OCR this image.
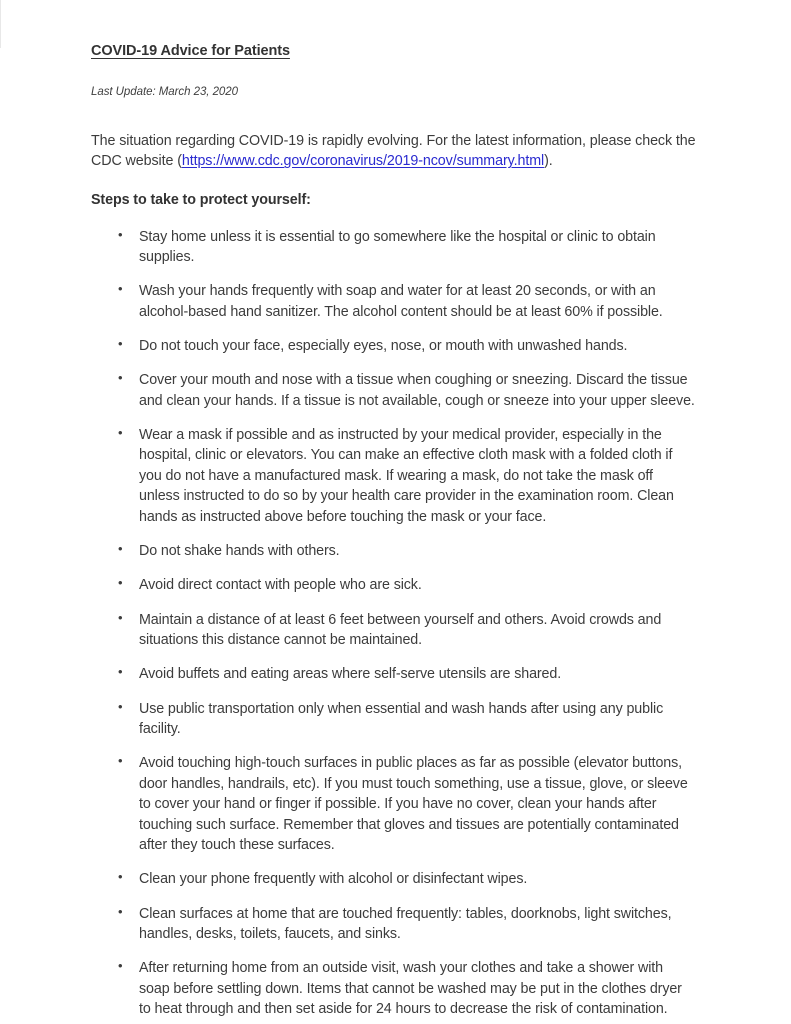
COVID-19 Advice for Patients

Last Update: March 23, 2020

The situation regarding COVID-19 is rapidly evolving. For the latest information, please check the CDC website (https://www.cdc.gov/coronavirus/2019-ncov/summary.html).

Steps to take to protect yourself:

• Stay home unless it is essential to go somewhere like the hospital or clinic to obtain supplies.
• Wash your hands frequently with soap and water for at least 20 seconds, or with an alcohol-based hand sanitizer. The alcohol content should be at least 60% if possible.
• Do not touch your face, especially eyes, nose, or mouth with unwashed hands.
• Cover your mouth and nose with a tissue when coughing or sneezing. Discard the tissue and clean your hands. If a tissue is not available, cough or sneeze into your upper sleeve.
• Wear a mask if possible and as instructed by your medical provider, especially in the hospital, clinic or elevators. You can make an effective cloth mask with a folded cloth if you do not have a manufactured mask. If wearing a mask, do not take the mask off unless instructed to do so by your health care provider in the examination room. Clean hands as instructed above before touching the mask or your face.
• Do not shake hands with others.
• Avoid direct contact with people who are sick.
• Maintain a distance of at least 6 feet between yourself and others. Avoid crowds and situations this distance cannot be maintained.
• Avoid buffets and eating areas where self-serve utensils are shared.
• Use public transportation only when essential and wash hands after using any public facility.
• Avoid touching high-touch surfaces in public places as far as possible (elevator buttons, door handles, handrails, etc). If you must touch something, use a tissue, glove, or sleeve to cover your hand or finger if possible. If you have no cover, clean your hands after touching such surface. Remember that gloves and tissues are potentially contaminated after they touch these surfaces.
• Clean your phone frequently with alcohol or disinfectant wipes.
• Clean surfaces at home that are touched frequently: tables, doorknobs, light switches, handles, desks, toilets, faucets, and sinks.
• After returning home from an outside visit, wash your clothes and take a shower with soap before settling down. Items that cannot be washed may be put in the clothes dryer to heat through and then set aside for 24 hours to decrease the risk of contamination.
